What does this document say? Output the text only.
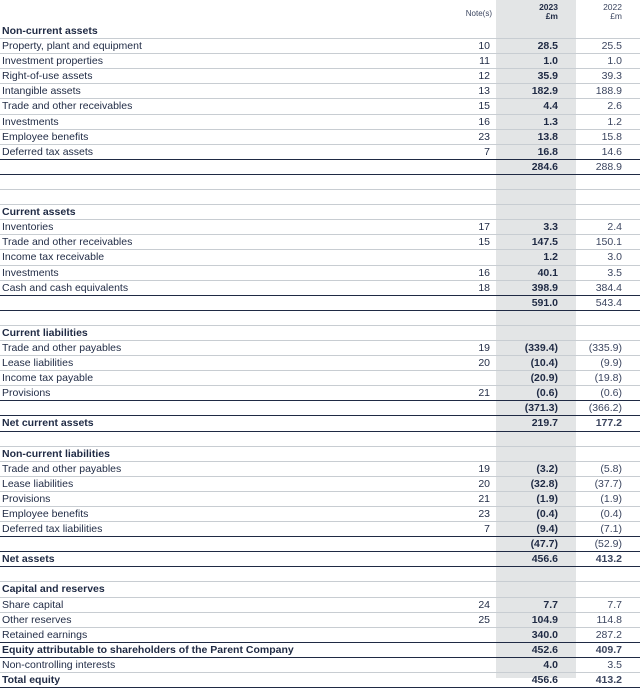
Note(s)
2023
£m
2022
£m
Non-current assets
Property, plant and equipment	10	28.5	25.5
Investment properties	11	1.0	1.0
Right-of-use assets	12	35.9	39.3
Intangible assets	13	182.9	188.9
Trade and other receivables	15	4.4	2.6
Investments	16	1.3	1.2
Employee benefits	23	13.8	15.8
Deferred tax assets	7	16.8	14.6
284.6	288.9
Current assets
Inventories	17	3.3	2.4
Trade and other receivables	15	147.5	150.1
Income tax receivable	1.2	3.0
Investments	16	40.1	3.5
Cash and cash equivalents	18	398.9	384.4
591.0	543.4
Current liabilities
Trade and other payables	19	(339.4)	(335.9)
Lease liabilities	20	(10.4)	(9.9)
Income tax payable	(20.9)	(19.8)
Provisions	21	(0.6)	(0.6)
(371.3)	(366.2)
Net current assets	219.7	177.2
Non-current liabilities
Trade and other payables	19	(3.2)	(5.8)
Lease liabilities	20	(32.8)	(37.7)
Provisions	21	(1.9)	(1.9)
Employee benefits	23	(0.4)	(0.4)
Deferred tax liabilities	7	(9.4)	(7.1)
(47.7)	(52.9)
Net assets	456.6	413.2
Capital and reserves
Share capital	24	7.7	7.7
Other reserves	25	104.9	114.8
Retained earnings	340.0	287.2
Equity attributable to shareholders of the Parent Company	452.6	409.7
Non-controlling interests	4.0	3.5
Total equity	456.6	413.2
